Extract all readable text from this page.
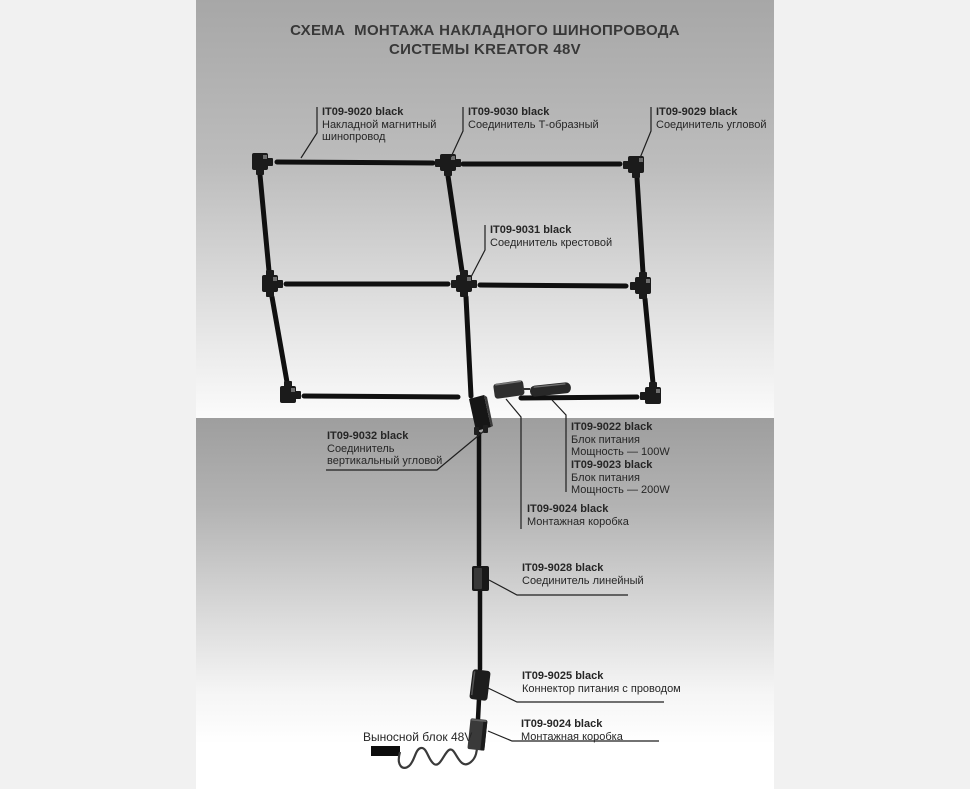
СХЕМА  МОНТАЖА НАКЛАДНОГО ШИНОПРОВОДА
СИСТЕМЫ KREATOR 48V
IT09-9020 black
Накладной магнитный
шинопровод
IT09-9030 black
Соединитель Т-образный
IT09-9029 black
Соединитель угловой
IT09-9031 black
Соединитель крестовой
IT09-9032 black
Соединитель
вертикальный угловой
IT09-9022 black
Блок питания
Мощность — 100W
IT09-9023 black
Блок питания
Мощность — 200W
IT09-9024 black
Монтажная коробка
IT09-9028 black
Соединитель линейный
IT09-9025 black
Коннектор питания с проводом
IT09-9024 black
Монтажная коробка
Выносной блок 48V
